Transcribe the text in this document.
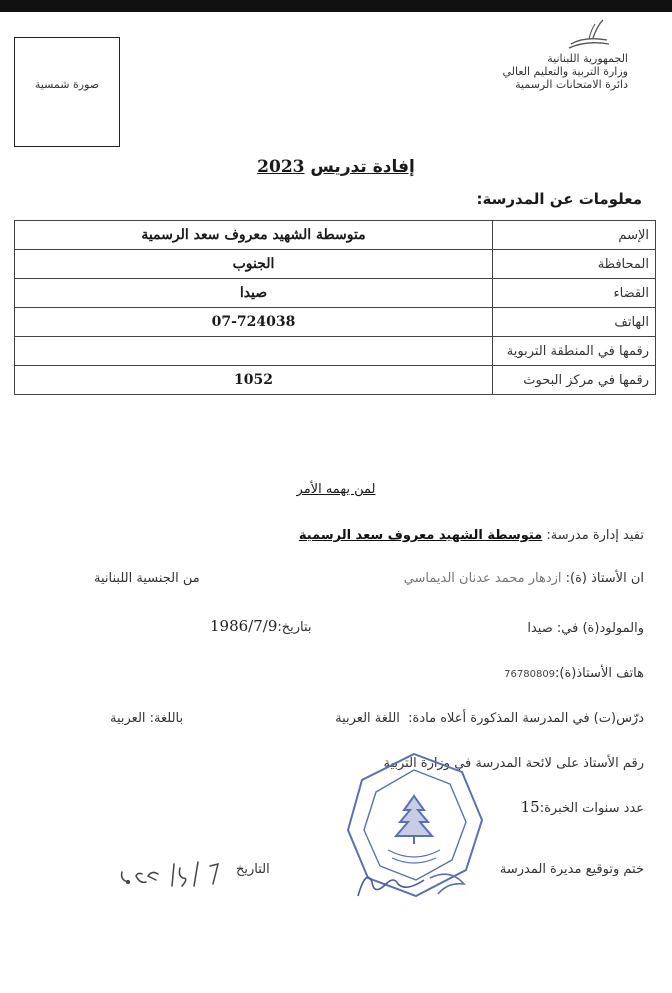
الجمهورية اللبنانية
وزارة التربية والتعليم العالي
دائرة الامتحانات الرسمية
صورة شمسية
إفادة تدريس 2023
معلومات عن المدرسة:
الإسم	متوسطة الشهيد معروف سعد الرسمية
المحافظة	الجنوب
القضاء	صيدا
الهاتف	07-724038
رقمها في المنطقة التربوية	
رقمها في مركز البحوث	1052
لمن يهمه الأمر
تفيد إدارة مدرسة: متوسطة الشهيد معروف سعد الرسمية
ان الأستاذ (ة): ازدهار محمد عدنان الديماسي
من الجنسية اللبنانية
والمولود(ة) في: صيدا
بتاريخ:1986/7/9
هاتف الأستاذ(ة):76780809
درّس(ت) في المدرسة المذكورة أعلاه مادة:  اللغة العربية
باللغة: العربية
رقم الأستاذ على لائحة المدرسة في وزارة التربية
عدد سنوات الخبرة:15
ختم وتوقيع مديرة المدرسة
التاريخ
